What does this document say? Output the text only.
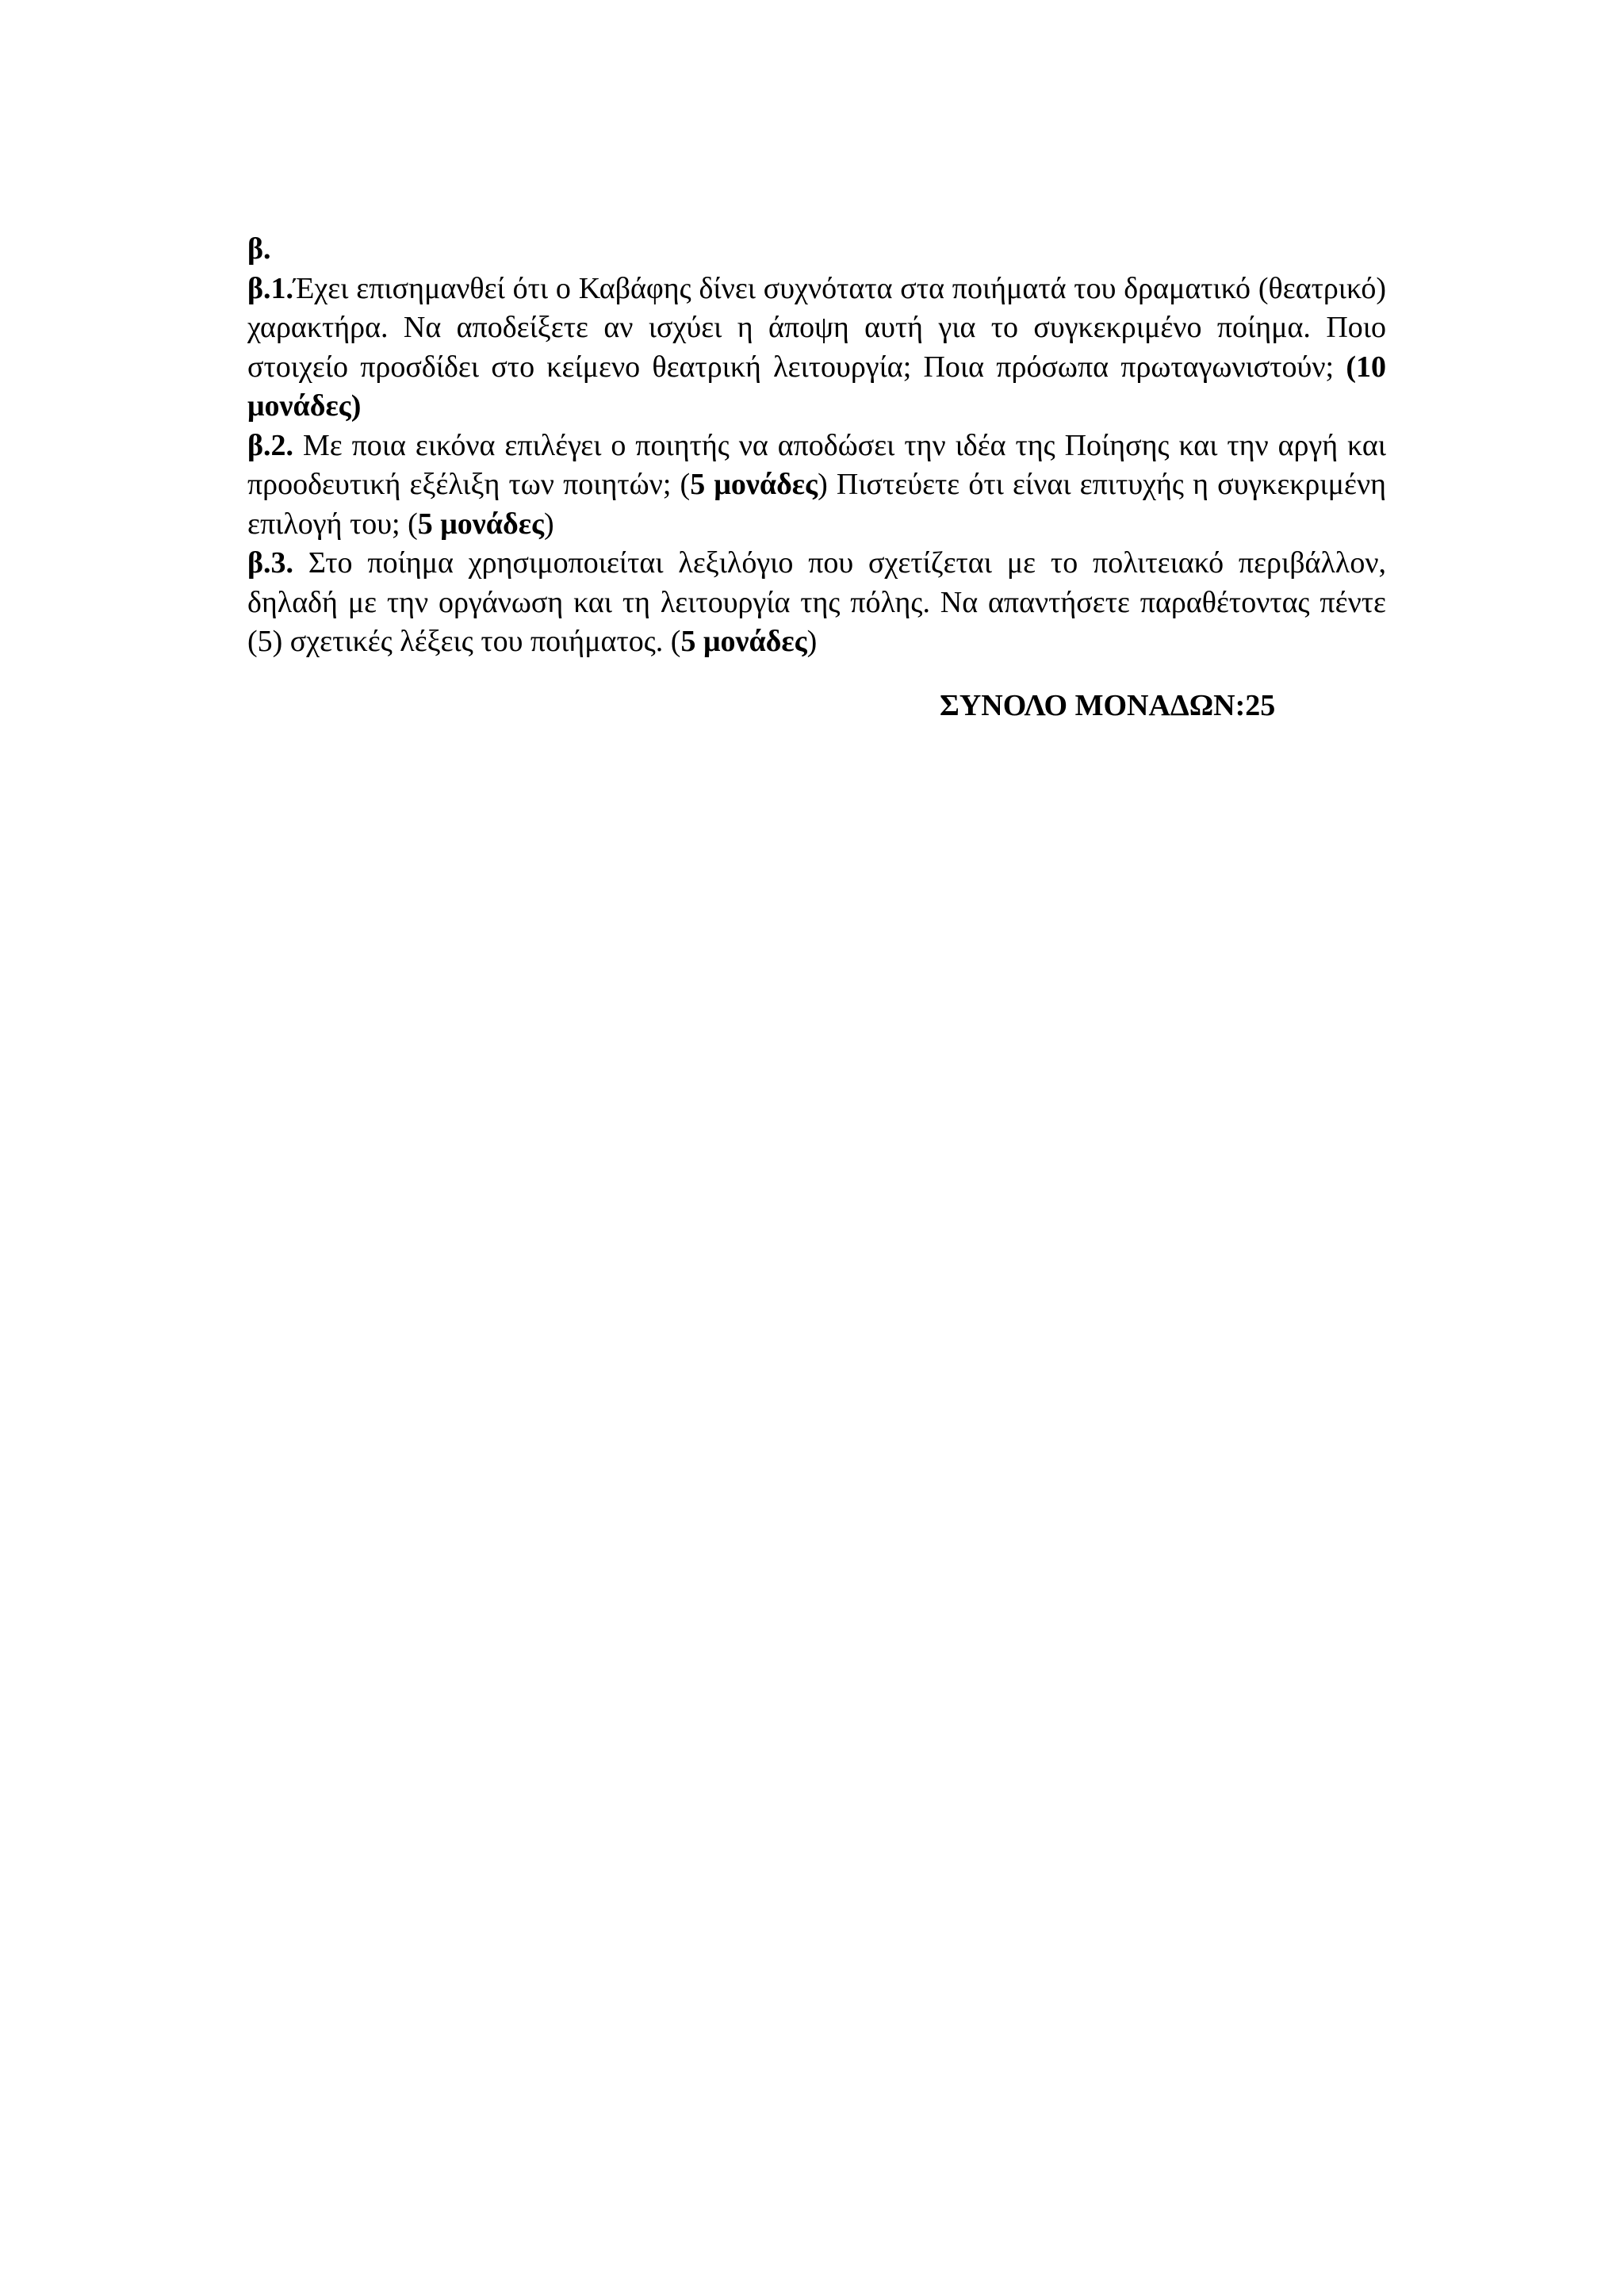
β.

β.1.Έχει επισημανθεί ότι ο Καβάφης δίνει συχνότατα στα ποιήματά του δραματικό (θεατρικό) χαρακτήρα. Να αποδείξετε αν ισχύει η άποψη αυτή για το συγκεκριμένο ποίημα. Ποιο στοιχείο προσδίδει στο κείμενο θεατρική λειτουργία; Ποια πρόσωπα πρωταγωνιστούν; (10 μονάδες)

β.2. Με ποια εικόνα επιλέγει ο ποιητής να αποδώσει την ιδέα της Ποίησης και την αργή και προοδευτική εξέλιξη των ποιητών; (5 μονάδες) Πιστεύετε ότι είναι επιτυχής η συγκεκριμένη επιλογή του; (5 μονάδες)

β.3. Στο ποίημα χρησιμοποιείται λεξιλόγιο που σχετίζεται με το πολιτειακό περιβάλλον, δηλαδή με την οργάνωση και τη λειτουργία της πόλης. Να απαντήσετε παραθέτοντας πέντε (5) σχετικές λέξεις του ποιήματος. (5 μονάδες)

ΣΥΝΟΛΟ ΜΟΝΑΔΩΝ:25
